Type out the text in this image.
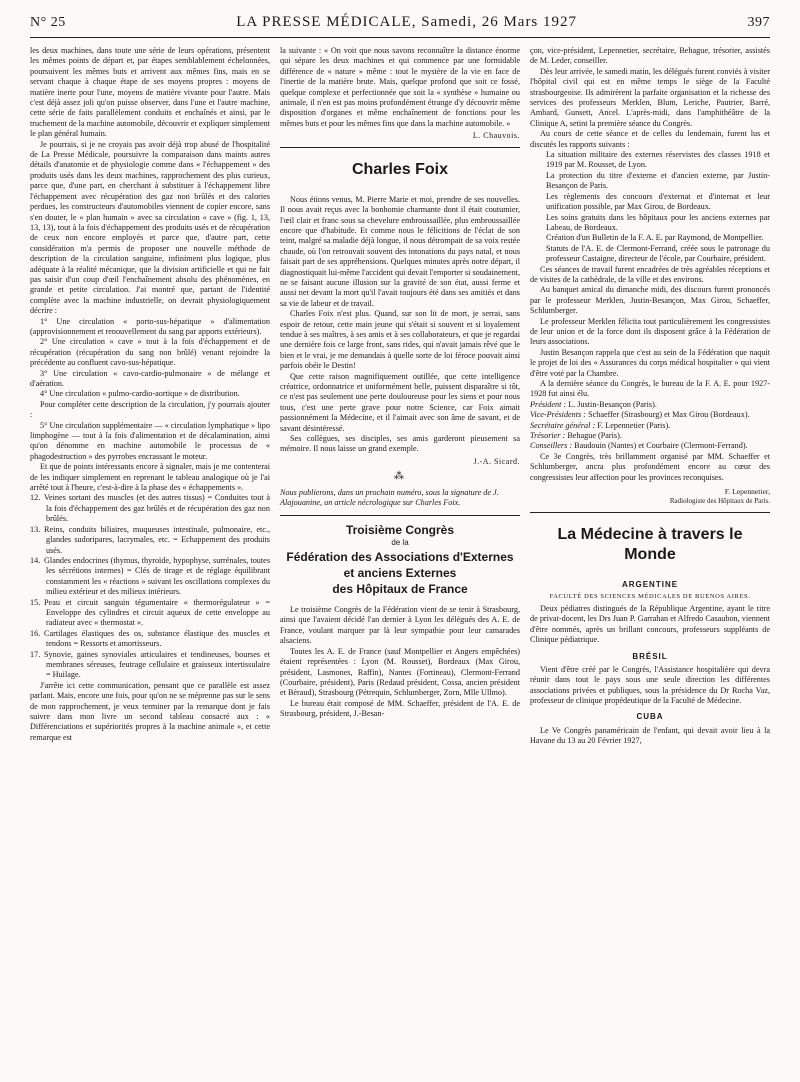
N° 25	LA PRESSE MÉDICALE, Samedi, 26 Mars 1927	397

les deux machines, dans toute une série de leurs opérations, présentent les mêmes points de départ et, par étapes semblablement échelonnées, poursuivent les mêmes buts et arrivent aux mêmes fins, mais en se servant chaque à chaque étape de ses moyens propres : moyens de matière inerte pour l'une, moyens de matière vivante pour l'autre. Mais c'est déjà assez joli qu'on puisse observer, dans l'une et l'autre machine, cette série de faits parallèlement conduits et enchaînés et ainsi, par le truchement de la machine automobile, découvrir et expliquer simplement le plan général humain.

Je pourrais, si je ne croyais pas avoir déjà trop abusé de l'hospitalité de La Presse Médicale, poursuivre la comparaison dans maints autres détails d'anatomie et de physiologie comme dans « l'échappement » des produits usés dans les deux machines, rapprochement des plus curieux, parce que, d'une part, en cherchant à substituer à l'échappement libre l'échappement avec récupération des gaz non brûlés et des calories perdues, les constructeurs d'automobiles viennent de copier encore, sans s'en douter, le « plan humain » avec sa circulation « cave » (fig. 1, 13, 13, 13), tout à la fois d'échappement des produits usés et de récupération de ceux non encore employés et parce que, d'autre part, cette considération m'a permis de proposer une nouvelle méthode de description de la circulation sanguine, infiniment plus logique, plus adéquate à la réalité mécanique, que la division artificielle et qui ne fait pas saisir d'un coup d'œil l'enchaînement absolu des phénomènes, en grande et petite circulation. J'ai montré que, partant de l'identité complète avec la machine industrielle, on devrait physiologiquement décrire :

1° Une circulation « porto-sus-hépatique » d'alimentation (approvisionnement et renouvellement du sang par apports extérieurs).

2° Une circulation « cave » tout à la fois d'échappement et de récupération (récupération du sang non brûlé) venant rejoindre la précédente au confluent cavo-sus-hépatique.

3° Une circulation « cavo-cardio-pulmonaire » de mélange et d'aération.

4° Une circulation « pulmo-cardio-aortique » de distribution.

Pour compléter cette description de la circulation, j'y pourrais ajouter :

5° Une circulation supplémentaire — « circulation lymphatique » lipo limphogène — tout à la fois d'alimentation et de décalamination, ainsi qu'on dénomme en machine automobile le processus de « phagodestruction » des pyrrobes encrassant le moteur.

Et que de points intéressants encore à signaler, mais je me contenterai de les indiquer simplement en reprenant le tableau analogique où je l'ai arrêté tout à l'heure, c'est-à-dire à la phase des « échappements ».

12. Veines sortant des muscles (et des autres tissus) = Conduites tout à la fois d'échappement des gaz brûlés et de récupération des gaz non brûlés.

13. Reins, conduits biliaires, muqueuses intestinale, pulmonaire, etc., glandes sudoripares, lacrymales, etc. = Echappement des produits usés.

14. Glandes endocrines (thymus, thyroïde, hypophyse, surrénales, toutes les sécrétions internes) = Clés de tirage et de réglage équilibrant constamment les « réactions » suivant les oscillations complexes du milieu extérieur et des milieux intérieurs.

15. Peau et circuit sanguin tégumentaire « thermorégulateur » = Enveloppe des cylindres et circuit aqueux de cette enveloppe au radiateur avec « thermostat ».

16. Cartilages élastiques des os, substance élastique des muscles et tendons = Ressorts et amortisseurs.

17. Synovie, gaines synoviales articulaires et tendineuses, bourses et membranes séreuses, feutrage cellulaire et graisseux intertissulaire = Huilage.

J'arrête ici cette communication, pensant que ce parallèle est assez parlant. Mais, encore une fois, pour qu'on ne se méprenne pas sur le sens de mon rapprochement, je veux terminer par la remarque dont je fais suivre dans mon livre un second tableau consacré aux : « Différenciations et supériorités propres à la machine animale », et cette remarque est

la suivante : « On voit que nous savons reconnaître la distance énorme qui sépare les deux machines et qui commence par une formidable différence de « nature » même : tout le mystère de la vie en face de l'inertie de la matière brute. Mais, quelque profond que soit ce fossé, quelque complexe et perfectionnée que soit la « synthèse » humaine ou animale, il n'en est pas moins profondément étrange d'y découvrir même disposition d'organes et même enchaînement de fonctions pour les mêmes buts et pour les mêmes fins que dans la machine automobile. »

L. Chauvois.
Charles Foix

Nous étions venus, M. Pierre Marie et moi, prendre de ses nouvelles. Il nous avait reçus avec la bonhomie charmante dont il était coutumier, l'œil clair et franc sous sa chevelure embroussaillée, plus embroussaillée encore que d'habitude. Et comme nous le félicitions de l'éclat de son teint, malgré sa maladie déjà longue, il nous détrompait de sa voix restée chaude, où l'on retrouvait souvent des intonations du pays natal, et nous faisait part de ses appréhensions. Quelques minutes après notre départ, il diagnostiquait lui-même l'accident qui devait l'emporter si soudainement, ne se faisant aucune illusion sur la gravité de son état, aussi ferme et aussi net devant la mort qu'il l'avait toujours été dans ses amitiés et dans sa vie de labeur et de travail.

Charles Foix n'est plus. Quand, sur son lit de mort, je serrai, sans espoir de retour, cette main jeune qui s'était si souvent et si loyalement tendue à ses maîtres, à ses amis et à ses collaborateurs, et que je regardai une dernière fois ce large front, sans rides, qui n'avait jamais rêvé que le bien et le vrai, je me demandais à quelle sorte de loi féroce pouvait ainsi parfois obéir le Destin!

Que cette raison magnifiquement outillée, que cette intelligence créatrice, ordonnatrice et uniformément belle, puissent disparaître si tôt, ce n'est pas seulement une perte douloureuse pour les siens et pour nous tous, c'est une perte grave pour notre Science, car Foix aimait passionnément la Médecine, et il l'aimait avec son âme de savant, et de savant désintéressé.

Ses collègues, ses disciples, ses amis garderont pieusement sa mémoire. Il nous laisse un grand exemple.

J.-A. Sicard.
⁂

Nous publierons, dans un prochain numéro, sous la signature de J. Alajouanine, un article nécrologique sur Charles Foix.

Troisième Congrès
de la
Fédération des Associations d'Externes
et anciens Externes
des Hôpitaux de France

Le troisième Congrès de la Fédération vient de se tenir à Strasbourg, ainsi que l'avaient décidé l'an dernier à Lyon les délégués des A. E. de France, voulant marquer par là leur sympathie pour leur camarades alsaciens.

Toutes les A. E. de France (sauf Montpellier et Angers empêchées) étaient représentées : Lyon (M. Rousset), Bordeaux (Max Girou, président, Lasmones, Raffin), Nantes (Fortineau), Clermont-Ferrand (Courbaire, président), Paris (Redaud président, Cossa, ancien président et Béraud), Strasbourg (Pétrequin, Schlumberger, Zorn, Mlle Ullmo).

Le bureau était composé de MM. Schaeffer, président de l'A. E. de Strasbourg, président, J.-Besan-

çon, vice-président, Lepennetier, secrétaire, Behague, trésorier, assistés de M. Leder, conseiller.

Dès leur arrivée, le samedi matin, les délégués furent conviés à visiter l'hôpital civil qui est en même temps le siège de la Faculté strasbourgeoise. Ils admirèrent la parfaite organisation et la richesse des services des professeurs Merklen, Blum, Leriche, Pautrier, Barré, Ambard, Gunsett, Ancel. L'après-midi, dans l'amphithéâtre de la Clinique A, setint la première séance du Congrès.

Au cours de cette séance et de celles du lendemain, furent lus et discutés les rapports suivants :

La situation militaire des externes réservistes des classes 1918 et 1919 par M. Rousset, de Lyon.

La protection du titre d'externe et d'ancien externe, par Justin-Besançon de Paris.

Les règlements des concours d'externat et d'internat et leur unification possible, par Max Girou, de Bordeaux.

Les soins gratuits dans les hôpitaux pour les anciens externes par Labeau, de Bordeaux.

Création d'un Bulletin de la F. A. E. par Raymond, de Montpellier.

Statuts de l'A. E. de Clermont-Ferrand, créée sous le patronage du professeur Castaigne, directeur de l'école, par Courbaire, président.

Ces séances de travail furent encadrées de très agréables réceptions et de visites de la cathédrale, de la ville et des environs.

Au banquet amical du dimanche midi, des discours furent prononcés par le professeur Merklen, Justin-Besançon, Max Girou, Schaeffer, Schlumberger.

Le professeur Merklen félicita tout particulièrement les congressistes de leur union et de la force dont ils disposent grâce à la Fédération de leurs associations.

Justin Besançon rappela que c'est au sein de la Fédération que naquit le projet de loi des « Assurances du corps médical hospitalier » qui vient d'être voté par la Chambre.

A la dernière séance du Congrès, le bureau de la F. A. E. pour 1927-1928 fut ainsi élu.

Président : L. Justin-Besançon (Paris).

Vice-Présidents : Schaeffer (Strasbourg) et Max Girou (Bordeaux).

Secrétaire général : F. Lepennetier (Paris).

Trésorier : Behague (Paris).

Conseillers : Baudouin (Nantes) et Courbaire (Clermont-Ferrand).

Ce 3e Congrès, très brillamment organisé par MM. Schaeffer et Schlumberger, ancra plus profondément encore au cœur des congressistes leur affection pour les provinces reconquises.

F. Lepennetier,
Radiologiste des Hôpitaux de Paris.
La Médecine à travers le Monde
ARGENTINE
FACULTÉ DES SCIENCES MÉDICALES DE BUENOS AIRES.

Deux pédiatres distingués de la République Argentine, ayant le titre de privat-docent, les Drs Juan P. Garrahan et Alfredo Casaubon, viennent d'être nommés, après un brillant concours, professeurs suppléants de Clinique pédiatrique.

BRÉSIL

Vient d'être créé par le Congrès, l'Assistance hospitalière qui devra réunir dans tout le pays sous une seule direction les différentes associations privées et publiques, sous la présidence du Dr Rocha Vaz, professeur de clinique propédeutique de la Faculté de Médecine.

CUBA

Le Ve Congrès panaméricain de l'enfant, qui devait avoir lieu à la Havane du 13 au 20 Février 1927,
